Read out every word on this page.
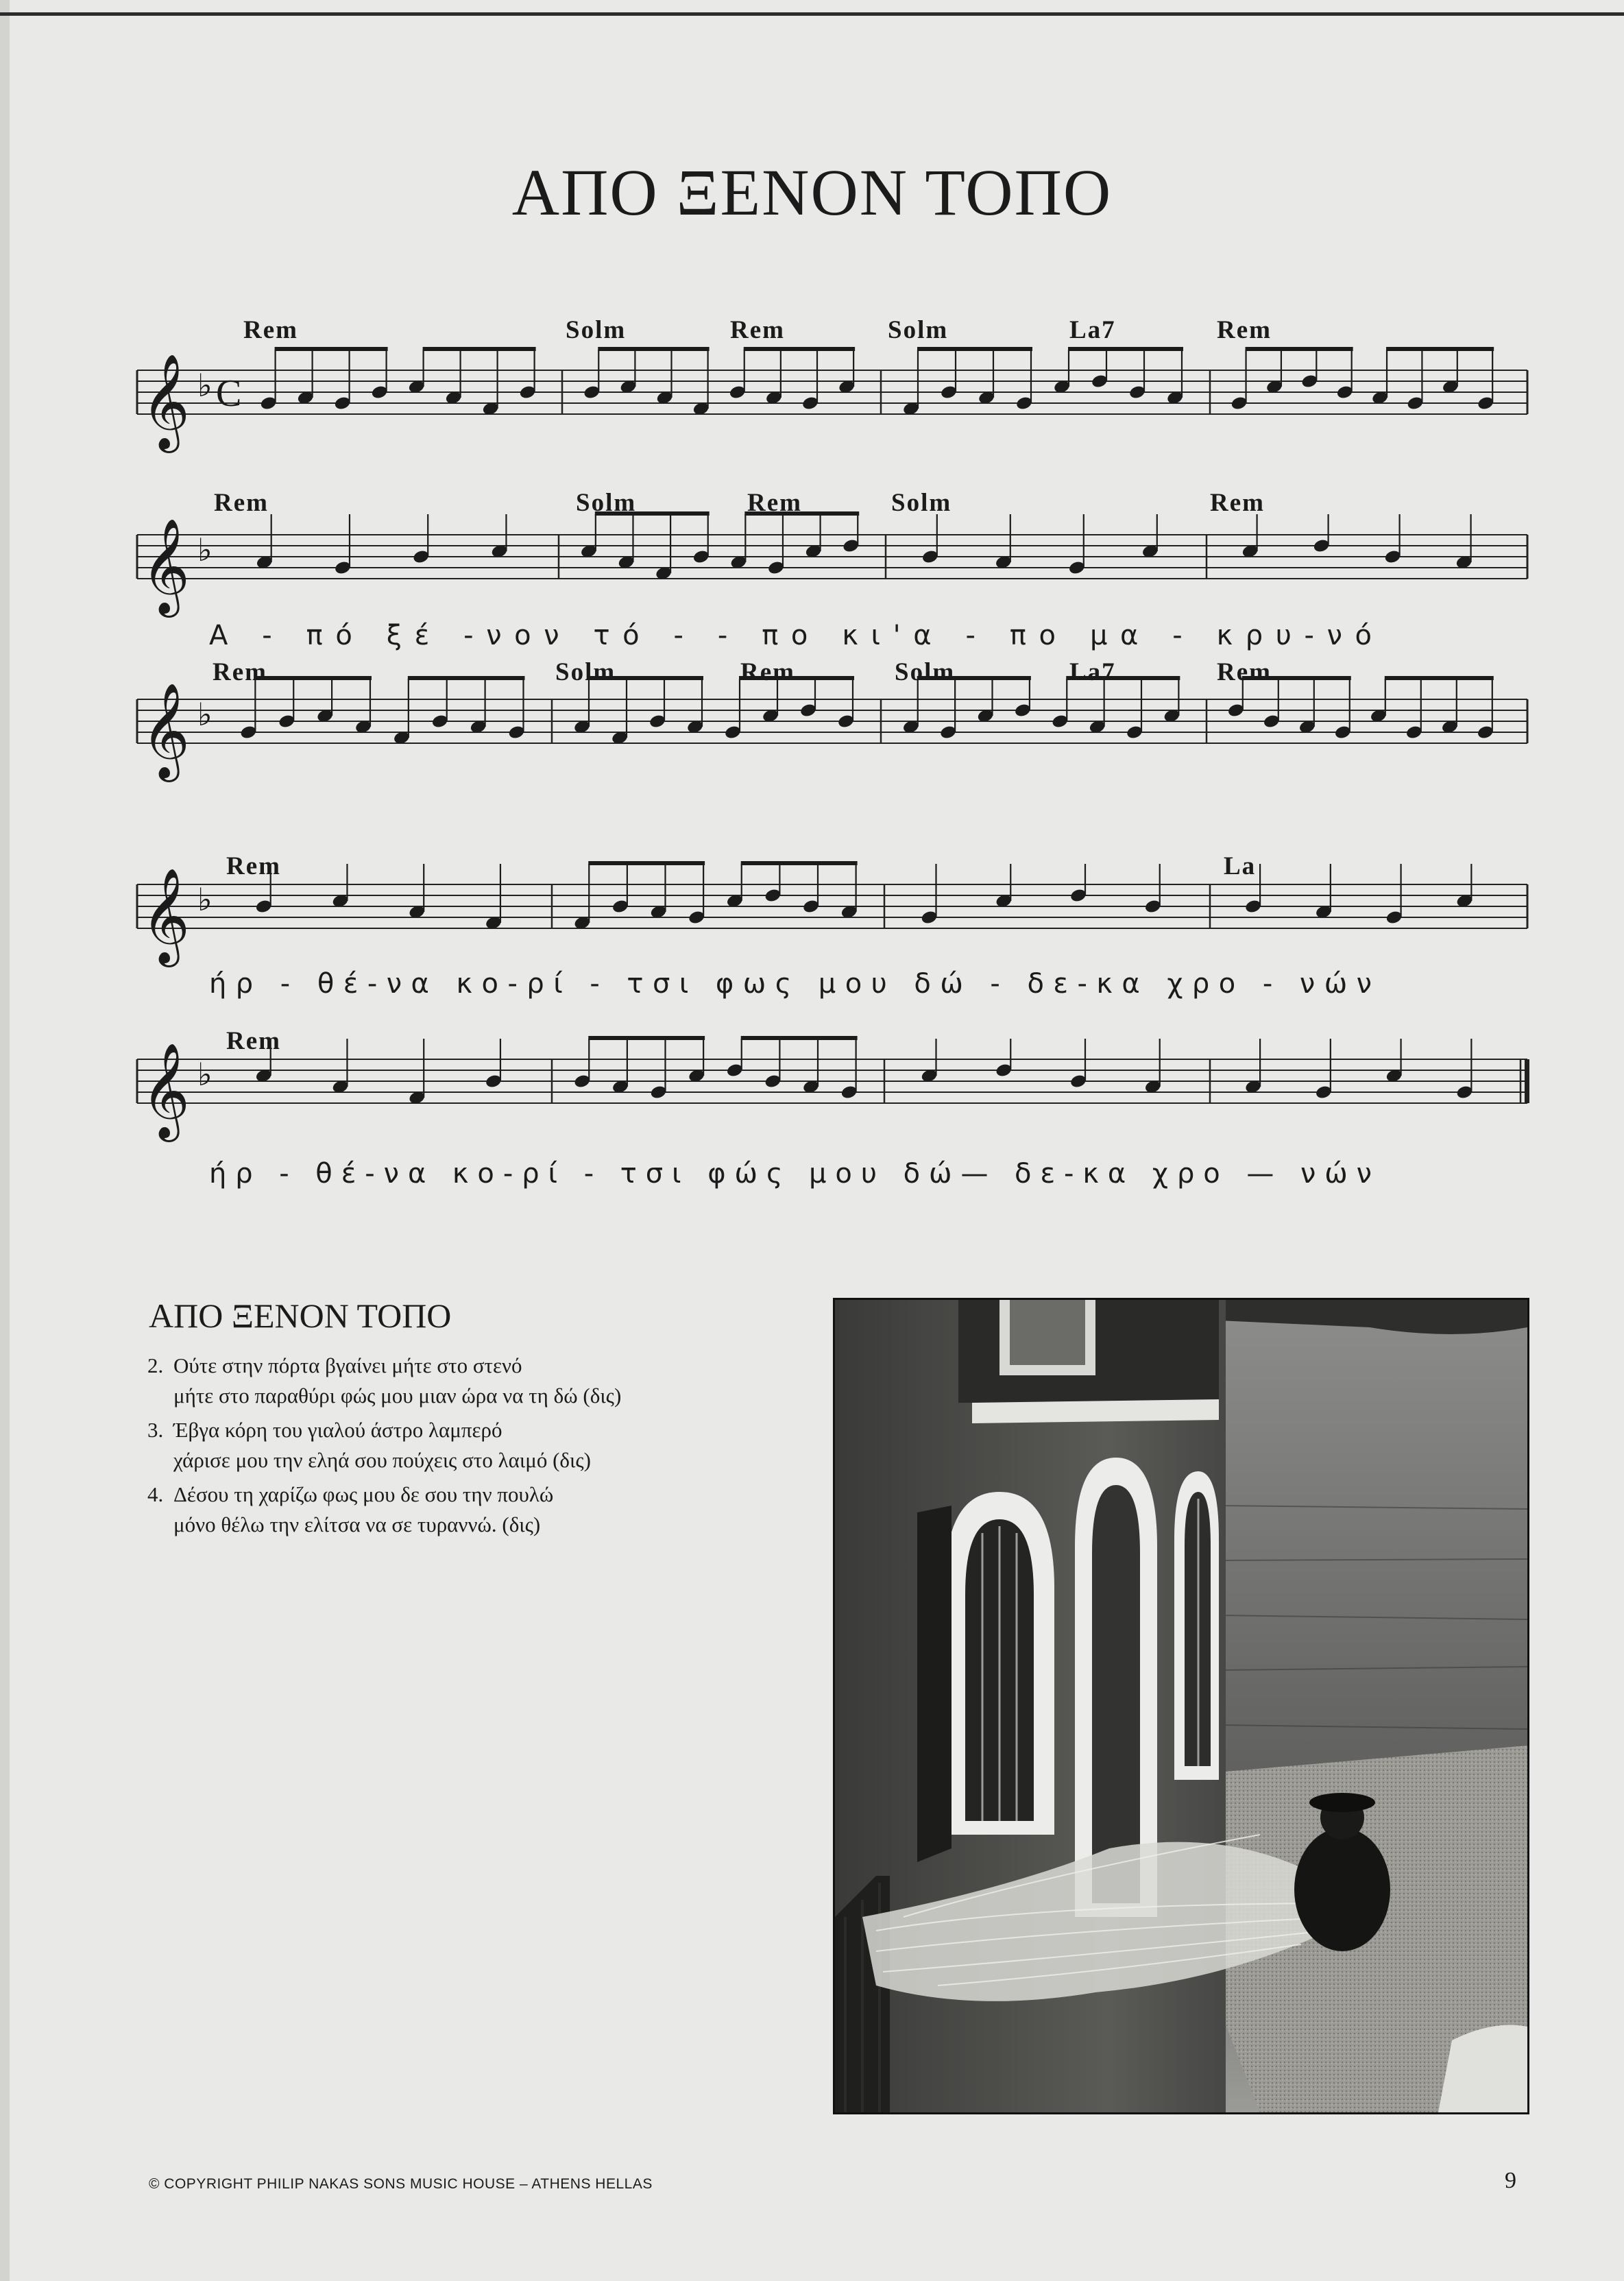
ΑΠΟ ΞΕΝΟΝ ΤΟΠΟ
𝄞 ♭ C
Rem	Solm	Rem	Solm	La7	Rem
𝄞 ♭
Rem	Solm	Rem	Solm	Rem
Α - πό ξέ -νον τό - - πο κι'α - πο μα - κρυ-νό
𝄞 ♭
Rem	Solm	Rem	Solm	La7	Rem
𝄞 ♭
Rem	La
ήρ - θέ-να κο-ρί - τσι φως μου δώ - δε-κα χρο - νών
𝄞 ♭
Rem
ήρ - θέ-να κο-ρί - τσι φώς μου δώ— δε-κα χρο — νών
ΑΠΟ ΞΕΝΟΝ ΤΟΠΟ
2. Ούτε στην πόρτα βγαίνει μήτε στο στενό
μήτε στο παραθύρι φώς μου μιαν ώρα να τη δώ (δις)
3. Έβγα κόρη του γιαλού άστρο λαμπερό
χάρισε μου την εληά σου πούχεις στο λαιμό (δις)
4. Δέσου τη χαρίζω φως μου δε σου την πουλώ
μόνο θέλω την ελίτσα να σε τυραννώ. (δις)
© COPYRIGHT PHILIP NAKAS SONS MUSIC HOUSE – ATHENS HELLAS	9
